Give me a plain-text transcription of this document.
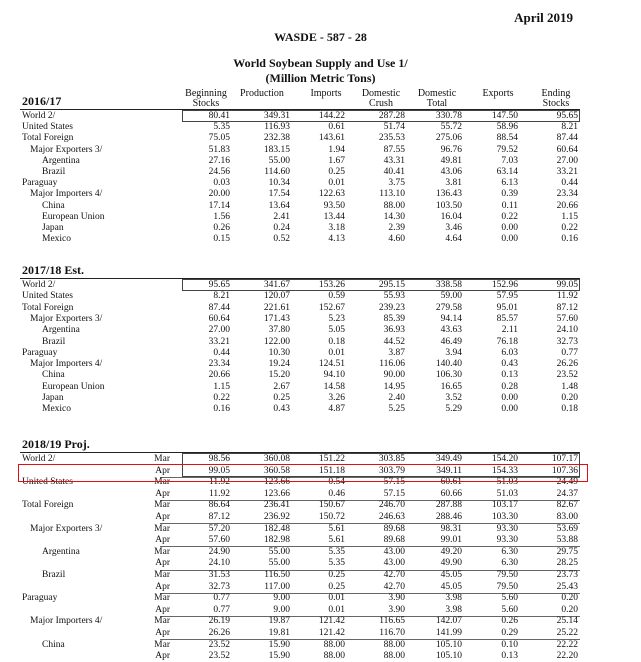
April 2019
WASDE - 587 - 28
World Soybean Supply and Use 1/
(Million Metric Tons)
Beginning
Stocks
Production	Imports	Domestic
Crush
Domestic
Total
Exports	Ending
Stocks
2016/17
World 2/	80.41	349.31	144.22	287.28	330.78	147.50	95.65
United States	5.35	116.93	0.61	51.74	55.72	58.96	8.21
Total Foreign	75.05	232.38	143.61	235.53	275.06	88.54	87.44
Major Exporters 3/	51.83	183.15	1.94	87.55	96.76	79.52	60.64
Argentina	27.16	55.00	1.67	43.31	49.81	7.03	27.00
Brazil	24.56	114.60	0.25	40.41	43.06	63.14	33.21
Paraguay	0.03	10.34	0.01	3.75	3.81	6.13	0.44
Major Importers 4/	20.00	17.54	122.63	113.10	136.43	0.39	23.34
China	17.14	13.64	93.50	88.00	103.50	0.11	20.66
European Union	1.56	2.41	13.44	14.30	16.04	0.22	1.15
Japan	0.26	0.24	3.18	2.39	3.46	0.00	0.22
Mexico	0.15	0.52	4.13	4.60	4.64	0.00	0.16
2017/18 Est.
World 2/	95.65	341.67	153.26	295.15	338.58	152.96	99.05
United States	8.21	120.07	0.59	55.93	59.00	57.95	11.92
Total Foreign	87.44	221.61	152.67	239.23	279.58	95.01	87.12
Major Exporters 3/	60.64	171.43	5.23	85.39	94.14	85.57	57.60
Argentina	27.00	37.80	5.05	36.93	43.63	2.11	24.10
Brazil	33.21	122.00	0.18	44.52	46.49	76.18	32.73
Paraguay	0.44	10.30	0.01	3.87	3.94	6.03	0.77
Major Importers 4/	23.34	19.24	124.51	116.06	140.40	0.43	26.26
China	20.66	15.20	94.10	90.00	106.30	0.13	23.52
European Union	1.15	2.67	14.58	14.95	16.65	0.28	1.48
Japan	0.22	0.25	3.26	2.40	3.52	0.00	0.20
Mexico	0.16	0.43	4.87	5.25	5.29	0.00	0.18
2018/19 Proj.
World 2/	Mar	98.56	360.08	151.22	303.85	349.49	154.20	107.17
Apr	99.05	360.58	151.18	303.79	349.11	154.33	107.36
United States	Mar	11.92	123.66	0.54	57.15	60.61	51.03	24.49
Apr	11.92	123.66	0.46	57.15	60.66	51.03	24.37
Total Foreign	Mar	86.64	236.41	150.67	246.70	287.88	103.17	82.67
Apr	87.12	236.92	150.72	246.63	288.46	103.30	83.00
Major Exporters 3/	Mar	57.20	182.48	5.61	89.68	98.31	93.30	53.69
Apr	57.60	182.98	5.61	89.68	99.01	93.30	53.88
Argentina	Mar	24.90	55.00	5.35	43.00	49.20	6.30	29.75
Apr	24.10	55.00	5.35	43.00	49.90	6.30	28.25
Brazil	Mar	31.53	116.50	0.25	42.70	45.05	79.50	23.73
Apr	32.73	117.00	0.25	42.70	45.05	79.50	25.43
Paraguay	Mar	0.77	9.00	0.01	3.90	3.98	5.60	0.20
Apr	0.77	9.00	0.01	3.90	3.98	5.60	0.20
Major Importers 4/	Mar	26.19	19.87	121.42	116.65	142.07	0.26	25.14
Apr	26.26	19.81	121.42	116.70	141.99	0.29	25.22
China	Mar	23.52	15.90	88.00	88.00	105.10	0.10	22.22
Apr	23.52	15.90	88.00	88.00	105.10	0.13	22.20
